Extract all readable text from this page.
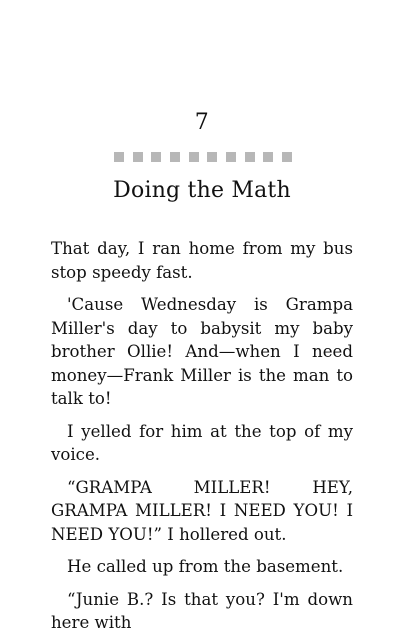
7
Doing the Math

That day, I ran home from my bus stop speedy fast.

'Cause Wednesday is Grampa Miller's day to babysit my baby brother Ollie! And—when I need money—Frank Miller is the man to talk to!

I yelled for him at the top of my voice.

“GRAMPA MILLER! HEY, GRAMPA MILLER! I NEED YOU! I NEED YOU!” I hollered out.

He called up from the basement.

“Junie B.? Is that you? I'm down here with
